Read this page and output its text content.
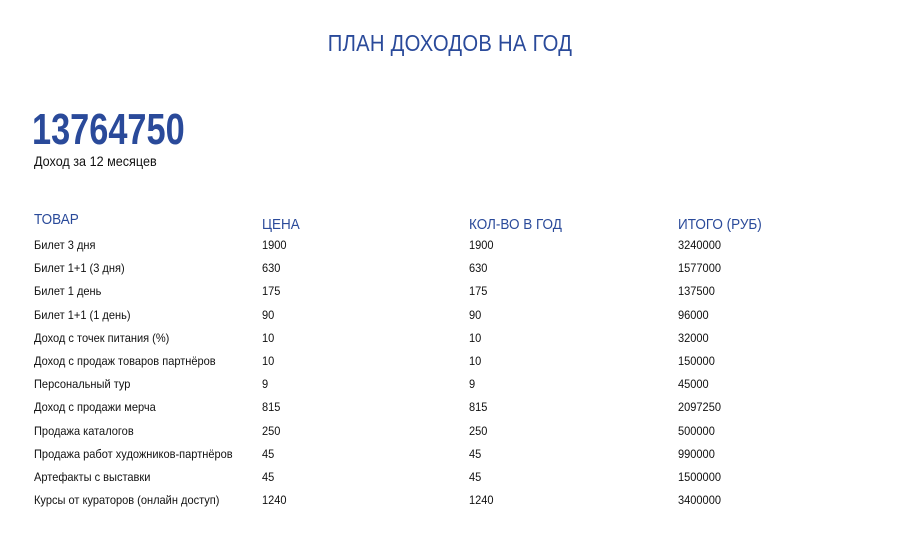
ПЛАН ДОХОДОВ НА ГОД
13764750
Доход за 12 месяцев
ТОВАР	ЦЕНА	КОЛ-ВО В ГОД	ИТОГО (РУБ)
Билет 3 дня	1900	1900	3240000
Билет 1+1 (3 дня)	630	630	1577000
Билет 1 день	175	175	137500
Билет 1+1 (1 день)	90	90	96000
Доход с точек питания (%)	10	10	32000
Доход с продаж товаров партнёров	10	10	150000
Персональный тур	9	9	45000
Доход с продажи мерча	815	815	2097250
Продажа каталогов	250	250	500000
Продажа работ художников-партнёров 45	45	990000
Артефакты с выставки	45	45	1500000
Курсы от кураторов (онлайн доступ)	1240	1240	3400000
